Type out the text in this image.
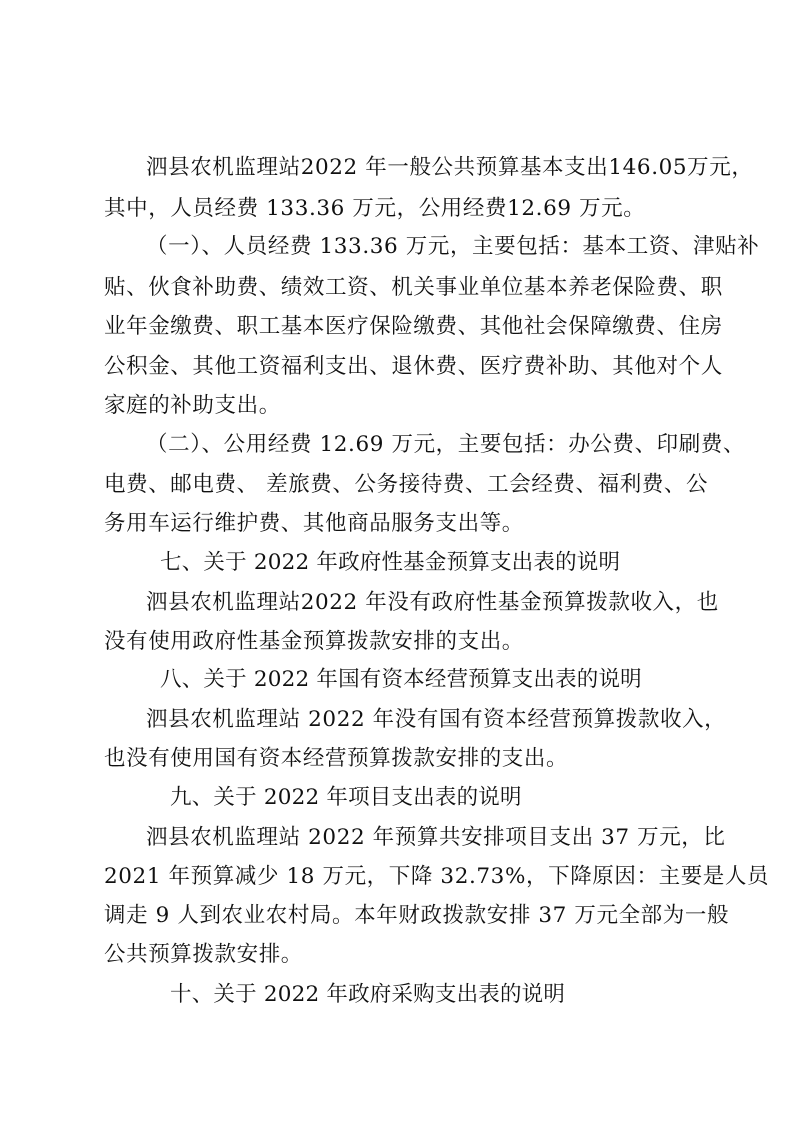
泗县农机监理站2022 年一般公共预算基本支出146.05万元，
其中，人员经费 133.36 万元，公用经费12.69 万元。
（一）、人员经费 133.36 万元，主要包括：基本工资、津贴补
贴、伙食补助费、绩效工资、机关事业单位基本养老保险费、职
业年金缴费、职工基本医疗保险缴费、其他社会保障缴费、住房
公积金、其他工资福利支出、退休费、医疗费补助、其他对个人
家庭的补助支出。
（二）、公用经费 12.69 万元，主要包括：办公费、印刷费、
电费、邮电费、 差旅费、公务接待费、工会经费、福利费、公
务用车运行维护费、其他商品服务支出等。
七、关于 2022 年政府性基金预算支出表的说明
泗县农机监理站2022 年没有政府性基金预算拨款收入，也
没有使用政府性基金预算拨款安排的支出。
八、关于 2022 年国有资本经营预算支出表的说明
泗县农机监理站 2022 年没有国有资本经营预算拨款收入，
也没有使用国有资本经营预算拨款安排的支出。
九、关于 2022 年项目支出表的说明
泗县农机监理站 2022 年预算共安排项目支出 37 万元，比
2021 年预算减少 18 万元，下降 32.73%，下降原因：主要是人员
调走 9 人到农业农村局。本年财政拨款安排 37 万元全部为一般
公共预算拨款安排。
十、关于 2022 年政府采购支出表的说明
